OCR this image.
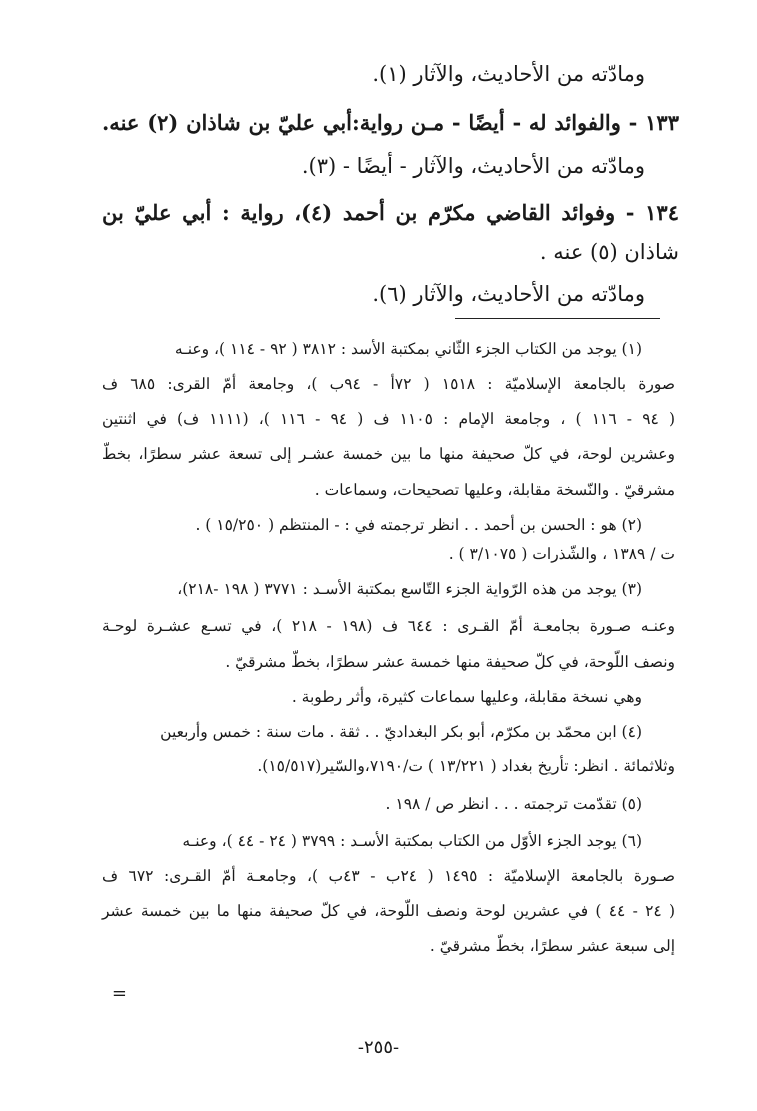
ومادّته من الأحاديث، والآثار (١).
١٣٣ - والفوائد له - أيضًا - مـن رواية:أبي عليّ بن شاذان (٢) عنه.
ومادّته من الأحاديث، والآثار - أيضًا - (٣).
١٣٤ - وفوائد القاضي مكرّم بن أحمد (٤)، رواية : أبي عليّ بن
شاذان (٥) عنه .
ومادّته من الأحاديث، والآثار (٦).
(١) يوجد من الكتاب الجزء الثّاني بمكتبة الأسد : ٣٨١٢ ( ٩٢ - ١١٤ )، وعنـه
صورة بالجامعة الإسلاميّة : ١٥١٨ ( ٧٢أ - ٩٤ب )، وجامعة أمّ القرى: ٦٨٥ ف
( ٩٤ - ١١٦ ) ، وجامعة الإمام : ١١٠٥ ف ( ٩٤ - ١١٦ )، (١١١١ ف) في اثنتين
وعشرين لوحة، في كلّ صحيفة منها ما بين خمسة عشـر إلى تسعة عشر سطرًا، بخطّ
مشرقيّ . والنّسخة مقابلة، وعليها تصحيحات، وسماعات .
(٢) هو : الحسن بن أحمد . . انظر ترجمته في : - المنتظم ( ١٥/٢٥٠ ) .
ت / ١٣٨٩ ، والشّذرات ( ٣/١٠٧٥ ) .
(٣) يوجد من هذه الرّواية الجزء التّاسع بمكتبة الأسـد : ٣٧٧١ ( ١٩٨ -٢١٨)،
وعنـه صـورة بجامعـة أمّ القـرى : ٦٤٤ ف (١٩٨ - ٢١٨ )، في تسـع عشـرة لوحـة
ونصف اللّوحة، في كلّ صحيفة منها خمسة عشر سطرًا، بخطّ مشرقيّ .
وهي نسخة مقابلة، وعليها سماعات كثيرة، وأثر رطوبة .
(٤) ابن محمّد بن مكرّم، أبو بكر البغداديّ . . ثقة . مات سنة : خمس وأربعين
وثلاثمائة . انظر: تأريخ بغداد ( ١٣/٢٢١ ) ت/٧١٩٠،والسّير(١٥/٥١٧).
(٥) تقدّمت ترجمته . . . انظر ص / ١٩٨ .
(٦) يوجد الجزء الأوّل من الكتاب بمكتبة الأسـد : ٣٧٩٩ ( ٢٤ - ٤٤ )، وعنـه
صـورة بالجامعة الإسلاميّة : ١٤٩٥ ( ٢٤ب - ٤٣ب )، وجامعـة أمّ القـرى: ٦٧٢ ف
( ٢٤ - ٤٤ ) في عشرين لوحة ونصف اللّوحة، في كلّ صحيفة منها ما بين خمسة عشر
إلى سبعة عشر سطرًا، بخطّ مشرقيّ .
=
-٢٥٥-
